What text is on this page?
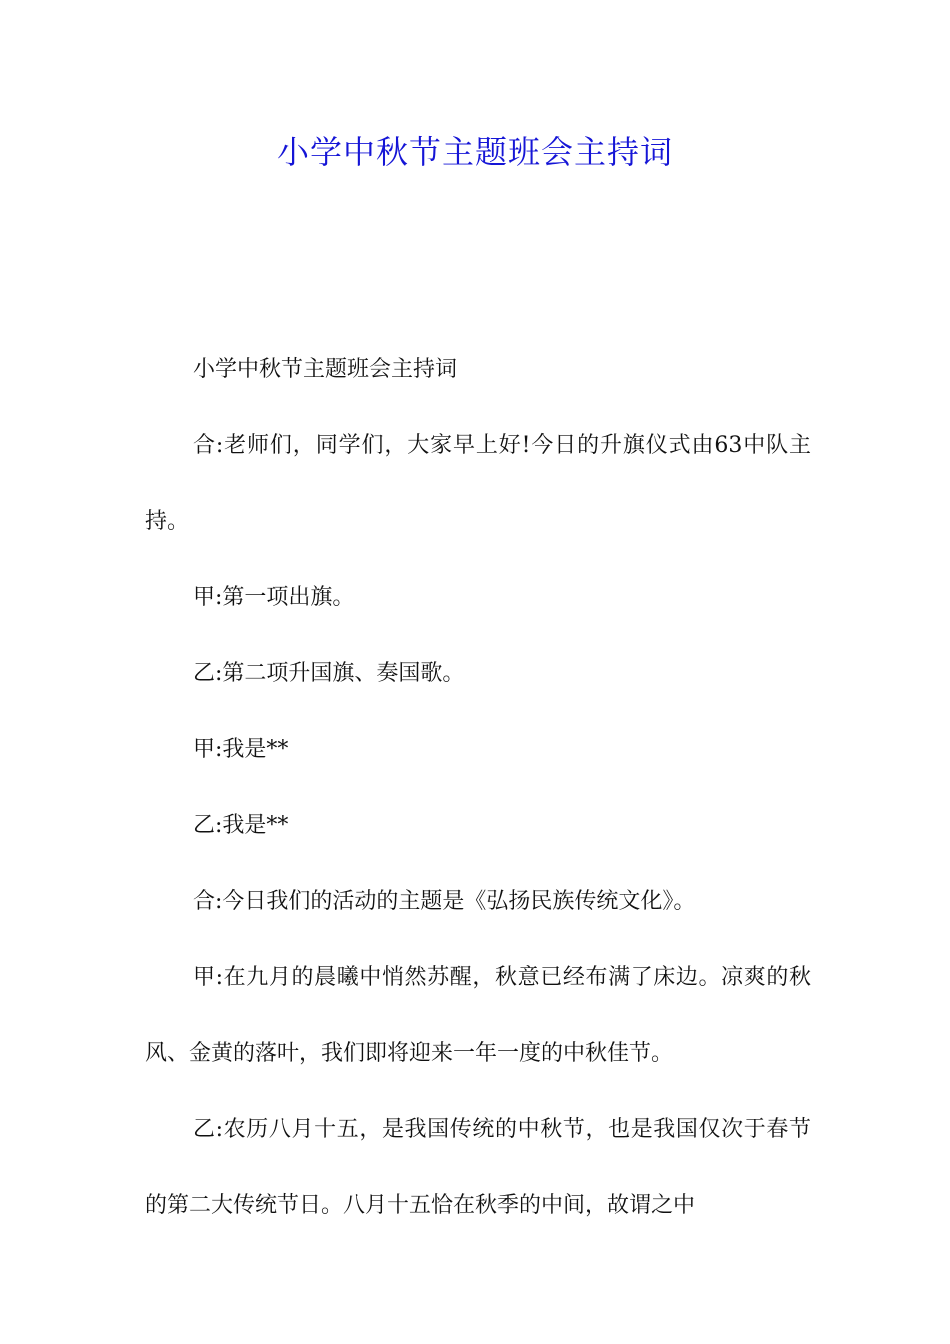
小学中秋节主题班会主持词

小学中秋节主题班会主持词

合:老师们，同学们，大家早上好!今日的升旗仪式由63中队主持。

甲:第一项出旗。

乙:第二项升国旗、奏国歌。

甲:我是**

乙:我是**

合:今日我们的活动的主题是《弘扬民族传统文化》。

甲:在九月的晨曦中悄然苏醒，秋意已经布满了床边。凉爽的秋风、金黄的落叶，我们即将迎来一年一度的中秋佳节。

乙:农历八月十五，是我国传统的中秋节，也是我国仅次于春节的第二大传统节日。八月十五恰在秋季的中间，故谓之中
